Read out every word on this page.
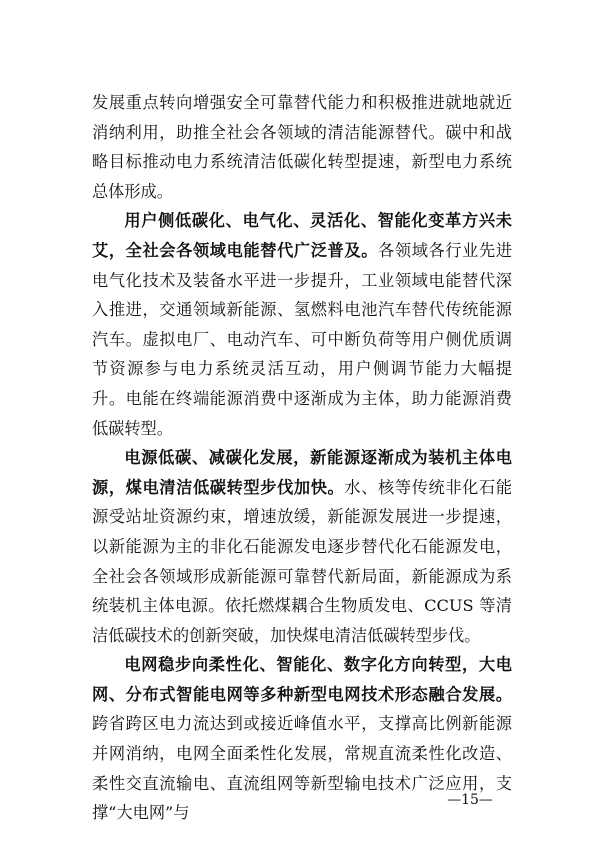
发展重点转向增强安全可靠替代能力和积极推进就地就近消纳利用，助推全社会各领域的清洁能源替代。碳中和战略目标推动电力系统清洁低碳化转型提速，新型电力系统总体形成。

用户侧低碳化、电气化、灵活化、智能化变革方兴未艾，全社会各领域电能替代广泛普及。各领域各行业先进电气化技术及装备水平进一步提升，工业领域电能替代深入推进，交通领域新能源、氢燃料电池汽车替代传统能源汽车。虚拟电厂、电动汽车、可中断负荷等用户侧优质调节资源参与电力系统灵活互动，用户侧调节能力大幅提升。电能在终端能源消费中逐渐成为主体，助力能源消费低碳转型。

电源低碳、减碳化发展，新能源逐渐成为装机主体电源，煤电清洁低碳转型步伐加快。水、核等传统非化石能源受站址资源约束，增速放缓，新能源发展进一步提速，以新能源为主的非化石能源发电逐步替代化石能源发电，全社会各领域形成新能源可靠替代新局面，新能源成为系统装机主体电源。依托燃煤耦合生物质发电、CCUS 等清洁低碳技术的创新突破，加快煤电清洁低碳转型步伐。

电网稳步向柔性化、智能化、数字化方向转型，大电网、分布式智能电网等多种新型电网技术形态融合发展。跨省跨区电力流达到或接近峰值水平，支撑高比例新能源并网消纳，电网全面柔性化发展，常规直流柔性化改造、柔性交直流输电、直流组网等新型输电技术广泛应用，支撑“大电网”与

—15—
